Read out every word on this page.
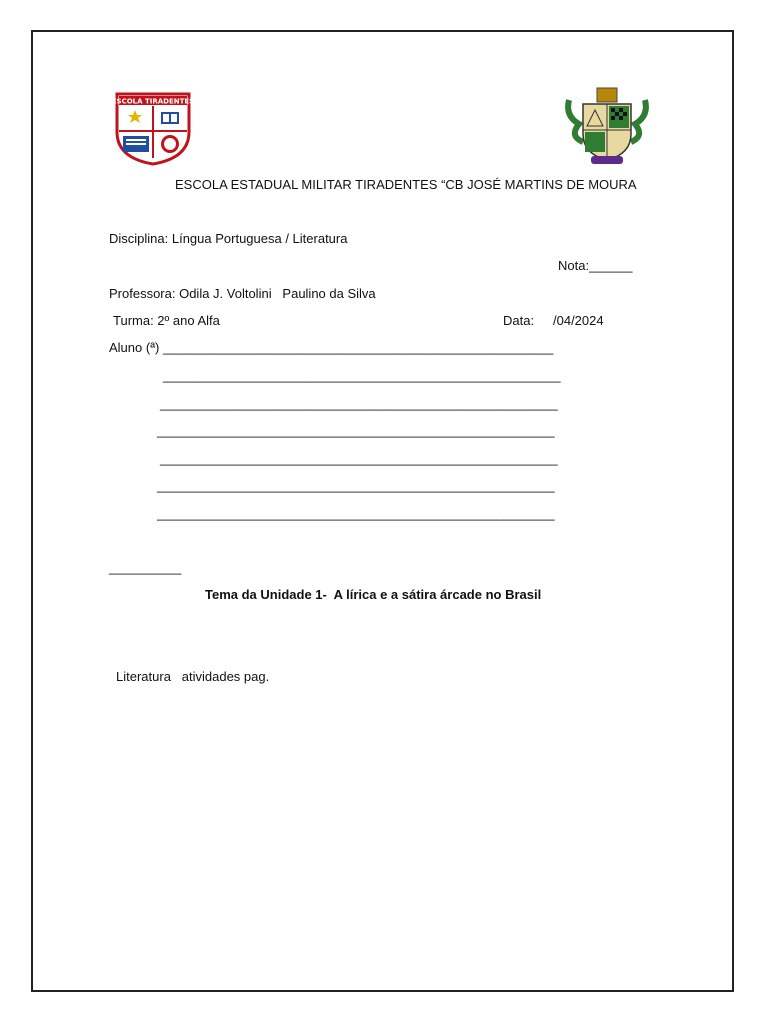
ESCOLA TIRADENTES
ESCOLA ESTADUAL MILITAR TIRADENTES “CB JOSÉ MARTINS DE MOURA
Disciplina: Língua Portuguesa / Literatura
Nota:______
Professora: Odila J. Voltolini   Paulino da Silva
Turma: 2º ano Alfa	Data: /04/2024
Aluno (ª) ______________________________________________________
_______________________________________________________
_______________________________________________________
_______________________________________________________
_______________________________________________________
_______________________________________________________
_______________________________________________________
__________
Tema da Unidade 1-  A lírica e a sátira árcade no Brasil
Literatura   atividades pag.
